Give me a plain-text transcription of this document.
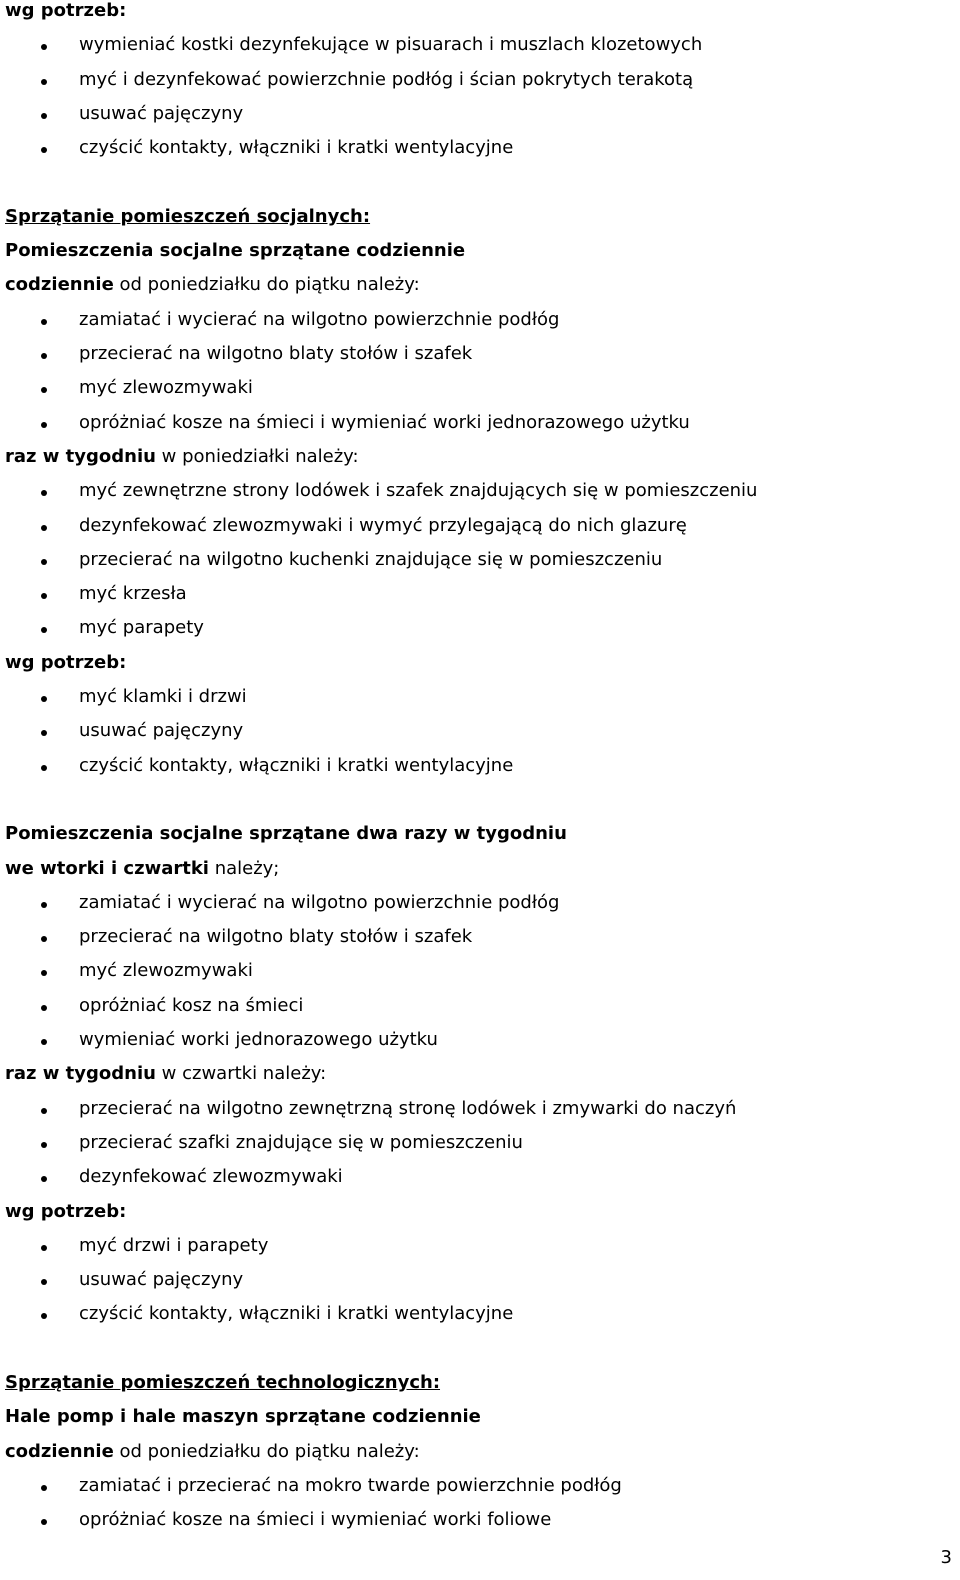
wg potrzeb:
wymieniać kostki dezynfekujące w pisuarach i muszlach klozetowych
myć i dezynfekować powierzchnie podłóg i ścian pokrytych terakotą
usuwać pajęczyny
czyścić kontakty, włączniki i kratki wentylacyjne
Sprzątanie pomieszczeń socjalnych:
Pomieszczenia socjalne sprzątane codziennie
codziennie od poniedziałku do piątku należy:
zamiatać i wycierać na wilgotno powierzchnie podłóg
przecierać na wilgotno blaty stołów i szafek
myć zlewozmywaki
opróżniać kosze na śmieci i wymieniać worki jednorazowego użytku
raz w tygodniu w poniedziałki należy:
myć zewnętrzne strony lodówek i szafek znajdujących się w pomieszczeniu
dezynfekować zlewozmywaki i wymyć przylegającą do nich glazurę
przecierać na wilgotno kuchenki znajdujące się w pomieszczeniu
myć krzesła
myć parapety
wg potrzeb:
myć klamki i drzwi
usuwać pajęczyny
czyścić kontakty, włączniki i kratki wentylacyjne
Pomieszczenia socjalne sprzątane dwa razy w tygodniu
we wtorki i czwartki należy;
zamiatać i wycierać na wilgotno powierzchnie podłóg
przecierać na wilgotno blaty stołów i szafek
myć zlewozmywaki
opróżniać kosz na śmieci
wymieniać worki jednorazowego użytku
raz w tygodniu w czwartki należy:
przecierać na wilgotno zewnętrzną stronę lodówek i zmywarki do naczyń
przecierać szafki znajdujące się w pomieszczeniu
dezynfekować zlewozmywaki
wg potrzeb:
myć drzwi i parapety
usuwać pajęczyny
czyścić kontakty, włączniki i kratki wentylacyjne
Sprzątanie pomieszczeń technologicznych:
Hale pomp i hale maszyn sprzątane codziennie
codziennie od poniedziałku do piątku należy:
zamiatać i przecierać na mokro twarde powierzchnie podłóg
opróżniać kosze na śmieci i wymieniać worki foliowe
3
